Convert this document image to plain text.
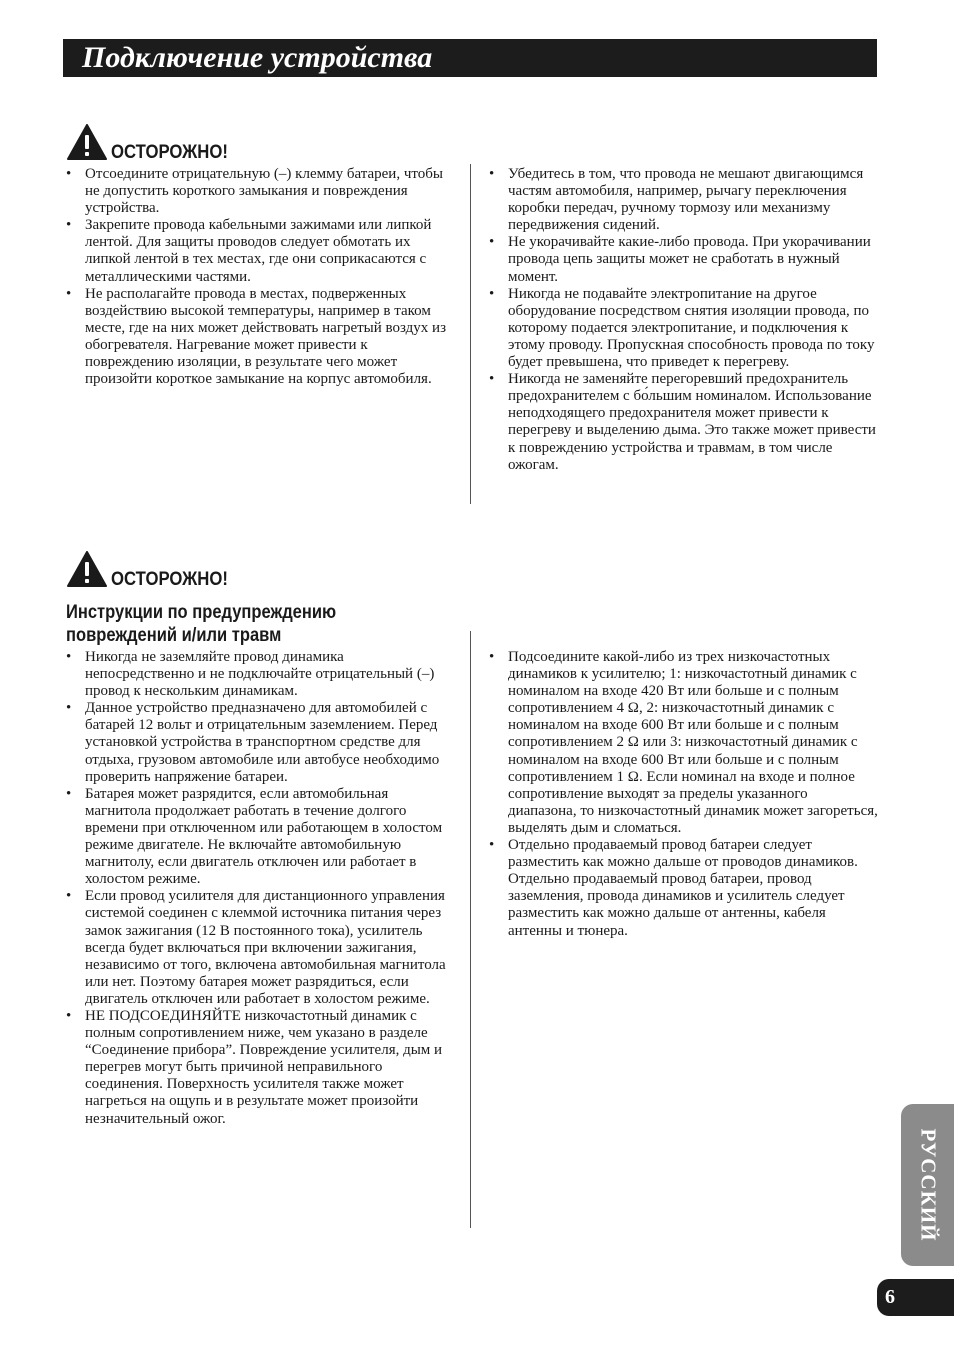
Подключение устройства
ОСТОРОЖНО!
• Отсоедините отрицательную (–) клемму батареи, чтобы не допустить короткого замыкания и повреждения устройства.
• Закрепите провода кабельными зажимами или липкой лентой. Для защиты проводов следует обмотать их липкой лентой в тех местах, где они соприкасаются с металлическими частями.
• Не располагайте провода в местах, подверженных воздействию высокой температуры, например в таком месте, где на них может действовать нагретый воздух из обогревателя. Нагревание может привести к повреждению изоляции, в результате чего может произойти короткое замыкание на корпус автомобиля.
• Убедитесь в том, что провода не мешают двигающимся частям автомобиля, например, рычагу переключения коробки передач, ручному тормозу или механизму передвижения сидений.
• Не укорачивайте какие-либо провода. При укорачивании провода цепь защиты может не сработать в нужный момент.
• Никогда не подавайте электропитание на другое оборудование посредством снятия изоляции провода, по которому подается электропитание, и подключения к этому проводу. Пропускная способность провода по току будет превышена, что приведет к перегреву.
• Никогда не заменяйте перегоревший предохранитель предохранителем с бо́льшим номиналом. Использование неподходящего предохранителя может привести к перегреву и выделению дыма. Это также может привести к повреждению устройства и травмам, в том числе ожогам.
ОСТОРОЖНО!
Инструкции по предупреждению повреждений и/или травм
• Никогда не заземляйте провод динамика непосредственно и не подключайте отрицательный (–) провод к нескольким динамикам.
• Данное устройство предназначено для автомобилей с батарей 12 вольт и отрицательным заземлением. Перед установкой устройства в транспортном средстве для отдыха, грузовом автомобиле или автобусе необходимо проверить напряжение батареи.
• Батарея может разрядится, если автомобильная магнитола продолжает работать в течение долгого времени при отключенном или работающем в холостом режиме двигателе. Не включайте автомобильную магнитолу, если двигатель отключен или работает в холостом режиме.
• Если провод усилителя для дистанционного управления системой соединен с клеммой источника питания через замок зажигания (12 В постоянного тока), усилитель всегда будет включаться при включении зажигания, независимо от того, включена автомобильная магнитола или нет. Поэтому батарея может разрядиться, если двигатель отключен или работает в холостом режиме.
• НЕ ПОДСОЕДИНЯЙТЕ низкочастотный динамик с полным сопротивлением ниже, чем указано в разделе “Соединение прибора”. Повреждение усилителя, дым и перегрев могут быть причиной неправильного соединения. Поверхность усилителя также может нагреться на ощупь и в результате может произойти незначительный ожог.
• Подсоедините какой-либо из трех низкочастотных динамиков к усилителю; 1: низкочастотный динамик с номиналом на входе 420 Вт или больше и с полным сопротивлением 4 Ω, 2: низкочастотный динамик с номиналом на входе 600 Вт или больше и с полным сопротивлением 2 Ω или 3: низкочастотный динамик с номиналом на входе 600 Вт или больше и с полным сопротивлением 1 Ω. Если номинал на входе и полное сопротивление выходят за пределы указанного диапазона, то низкочастотный динамик может загореться, выделять дым и сломаться.
• Отдельно продаваемый провод батареи следует разместить как можно дальше от проводов динамиков. Отдельно продаваемый провод батареи, провод заземления, провода динамиков и усилитель следует разместить как можно дальше от антенны, кабеля антенны и тюнера.
РУССКИЙ
6
